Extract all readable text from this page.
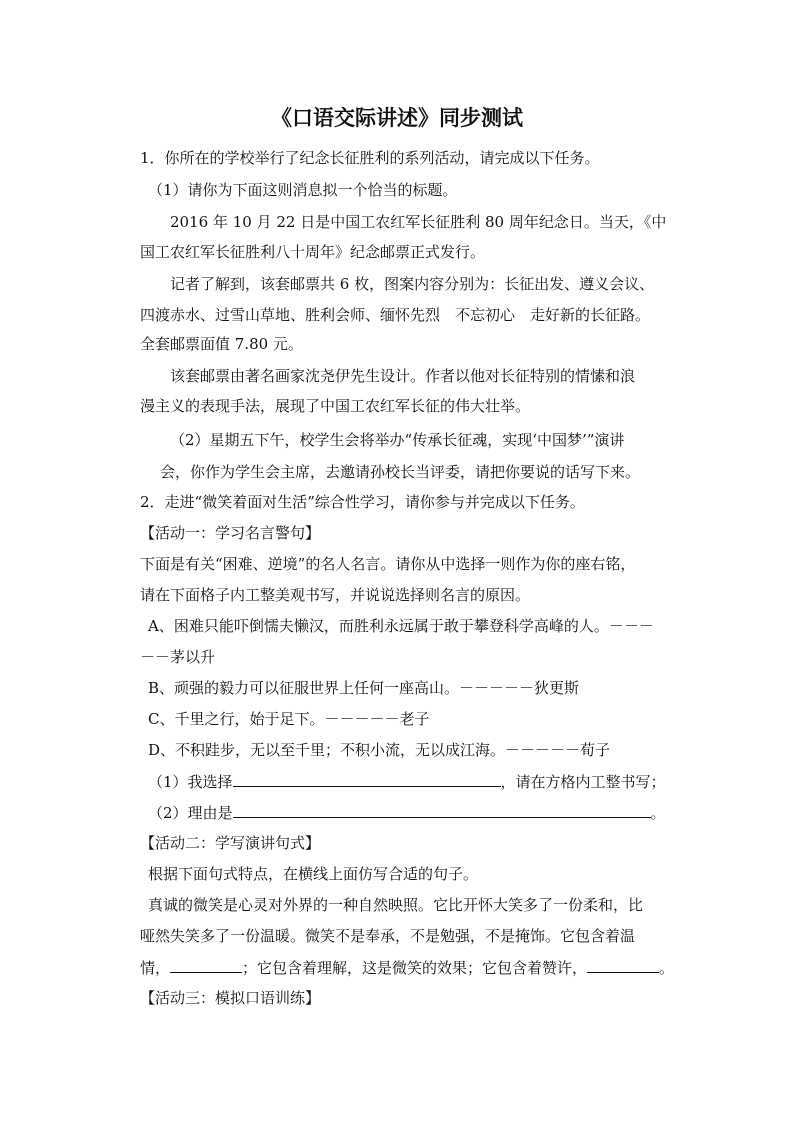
《口语交际讲述》同步测试
1．你所在的学校举行了纪念长征胜利的系列活动，请完成以下任务。
（1）请你为下面这则消息拟一个恰当的标题。
2016 年 10 月 22 日是中国工农红军长征胜利 80 周年纪念日。当天，《中
国工农红军长征胜利八十周年》纪念邮票正式发行。
记者了解到，该套邮票共 6 枚，图案内容分别为：长征出发、遵义会议、
四渡赤水、过雪山草地、胜利会师、缅怀先烈　不忘初心　走好新的长征路。
全套邮票面值 7.80 元。
该套邮票由著名画家沈尧伊先生设计。作者以他对长征特别的情愫和浪
漫主义的表现手法，展现了中国工农红军长征的伟大壮举。
（2）星期五下午，校学生会将举办“传承长征魂，实现‘中国梦’”演讲
会，你作为学生会主席，去邀请孙校长当评委，请把你要说的话写下来。
2．走进“微笑着面对生活”综合性学习，请你参与并完成以下任务。
【活动一：学习名言警句】
下面是有关“困难、逆境”的名人名言。请你从中选择一则作为你的座右铭，
请在下面格子内工整美观书写，并说说选择则名言的原因。
A、困难只能吓倒懦夫懒汉，而胜利永远属于敢于攀登科学高峰的人。－－－
－－茅以升
B、顽强的毅力可以征服世界上任何一座高山。－－－－－狄更斯
C、千里之行，始于足下。－－－－－老子
D、不积跬步，无以至千里；不积小流，无以成江海。－－－－－荀子
（1）我选择	，请在方格内工整书写；
（2）理由是	。
【活动二：学写演讲句式】
根据下面句式特点，在横线上面仿写合适的句子。
真诚的微笑是心灵对外界的一种自然映照。它比开怀大笑多了一份柔和，比
哑然失笑多了一份温暖。微笑不是奉承，不是勉强，不是掩饰。它包含着温
情，	；它包含着理解，这是微笑的效果；它包含着赞许，	。
【活动三：模拟口语训练】
